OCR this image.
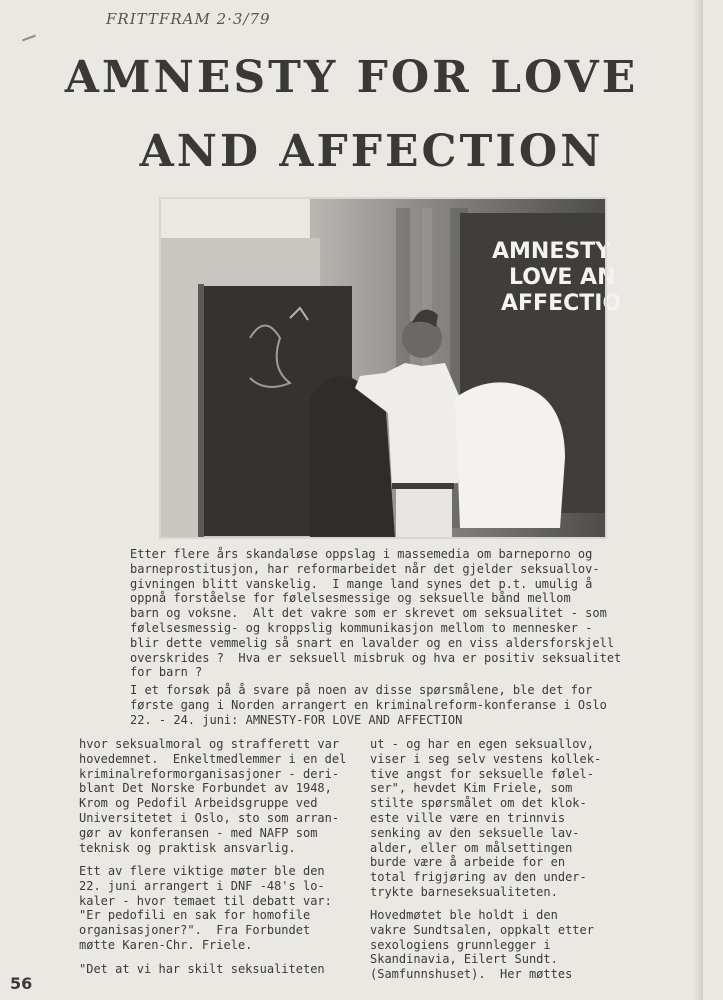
FRITTFRAM 2·3/79
AMNESTY FOR LOVE
AND AFFECTION
AMNESTY
LOVE AN
AFFECTIO
Etter flere års skandaløse oppslag i massemedia om barneporno og
barneprostitusjon, har reformarbeidet når det gjelder seksuallov-
givningen blitt vanskelig.  I mange land synes det p.t. umulig å
oppnå forståelse for følelsesmessige og seksuelle bånd mellom
barn og voksne.  Alt det vakre som er skrevet om seksualitet - som
følelsesmessig- og kroppslig kommunikasjon mellom to mennesker -
blir dette vemmelig så snart en lavalder og en viss aldersforskjell
overskrides ?  Hva er seksuell misbruk og hva er positiv seksualitet
for barn ?
I et forsøk på å svare på noen av disse spørsmålene, ble det for
første gang i Norden arrangert en kriminalreform-konferanse i Oslo
22. - 24. juni: AMNESTY-FOR LOVE AND AFFECTION
hvor seksualmoral og strafferett var
hovedemnet.  Enkeltmedlemmer i en del
kriminalreformorganisasjoner - deri-
blant Det Norske Forbundet av 1948,
Krom og Pedofil Arbeidsgruppe ved
Universitetet i Oslo, sto som arran-
gør av konferansen - med NAFP som
teknisk og praktisk ansvarlig.
Ett av flere viktige møter ble den
22. juni arrangert i DNF -48's lo-
kaler - hvor temaet til debatt var:
"Er pedofili en sak for homofile
organisasjoner?".  Fra Forbundet
møtte Karen-Chr. Friele.
"Det at vi har skilt seksualiteten
ut - og har en egen seksuallov,
viser i seg selv vestens kollek-
tive angst for seksuelle følel-
ser", hevdet Kim Friele, som
stilte spørsmålet om det klok-
este ville være en trinnvis
senking av den seksuelle lav-
alder, eller om målsettingen
burde være å arbeide for en
total frigjøring av den under-
trykte barneseksualiteten.
Hovedmøtet ble holdt i den
vakre Sundtsalen, oppkalt etter
sexologiens grunnlegger i
Skandinavia, Eilert Sundt.
(Samfunnshuset).  Her møttes
56
